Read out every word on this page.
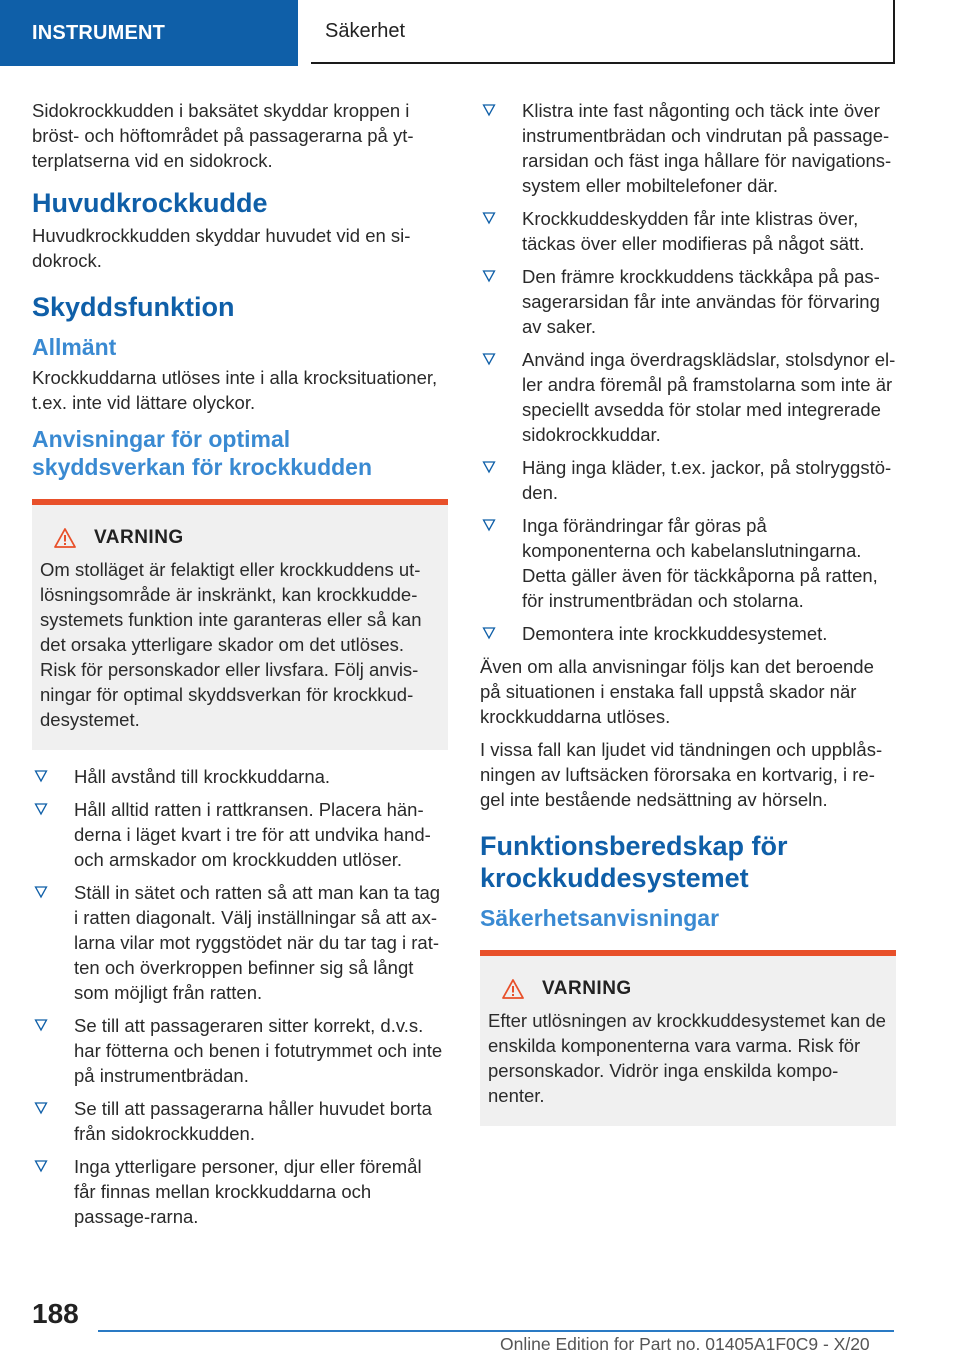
INSTRUMENT	Säkerhet

Sidokrockkudden i baksätet skyddar kroppen i bröst- och höftområdet på passagerarna på yt-terplatserna vid en sidokrock.

Huvudkrockkudde

Huvudkrockkudden skyddar huvudet vid en si-dokrock.

Skyddsfunktion
Allmänt

Krockkuddarna utlöses inte i alla krocksituationer, t.ex. inte vid lättare olyckor.

Anvisningar för optimal skyddsverkan för krockkudden
VARNING

Om stolläget är felaktigt eller krockkuddens ut-lösningsområde är inskränkt, kan krockkudde-systemets funktion inte garanteras eller så kan det orsaka ytterligare skador om det utlöses. Risk för personskador eller livsfara. Följ anvis-ningar för optimal skyddsverkan för krockkud-desystemet.

Håll avstånd till krockkuddarna.
Håll alltid ratten i rattkransen. Placera hän-derna i läget kvart i tre för att undvika hand-och armskador om krockkudden utlöser.
Ställ in sätet och ratten så att man kan ta tag i ratten diagonalt. Välj inställningar så att ax-larna vilar mot ryggstödet när du tar tag i rat-ten och överkroppen befinner sig så långt som möjligt från ratten.
Se till att passageraren sitter korrekt, d.v.s. har fötterna och benen i fotutrymmet och inte på instrumentbrädan.
Se till att passagerarna håller huvudet borta från sidokrockkudden.
Inga ytterligare personer, djur eller föremål får finnas mellan krockkuddarna och passage-rarna.
Klistra inte fast någonting och täck inte över instrumentbrädan och vindrutan på passage-rarsidan och fäst inga hållare för navigations-system eller mobiltelefoner där.
Krockkuddeskydden får inte klistras över, täckas över eller modifieras på något sätt.
Den främre krockkuddens täckkåpa på pas-sagerarsidan får inte användas för förvaring av saker.
Använd inga överdragsklädslar, stolsdynor el-ler andra föremål på framstolarna som inte är speciellt avsedda för stolar med integrerade sidokrockkuddar.
Häng inga kläder, t.ex. jackor, på stolryggstö-den.
Inga förändringar får göras på komponenterna och kabelanslutningarna. Detta gäller även för täckkåporna på ratten, för instrumentbrädan och stolarna.
Demontera inte krockkuddesystemet.

Även om alla anvisningar följs kan det beroende på situationen i enstaka fall uppstå skador när krockkuddarna utlöses.

I vissa fall kan ljudet vid tändningen och uppblås-ningen av luftsäcken förorsaka en kortvarig, i re-gel inte bestående nedsättning av hörseln.

Funktionsberedskap för krockkuddesystemet
Säkerhetsanvisningar
VARNING

Efter utlösningen av krockkuddesystemet kan de enskilda komponenterna vara varma. Risk för personskador. Vidrör inga enskilda kompo-nenter.

188
Online Edition for Part no. 01405A1F0C9 - X/20
